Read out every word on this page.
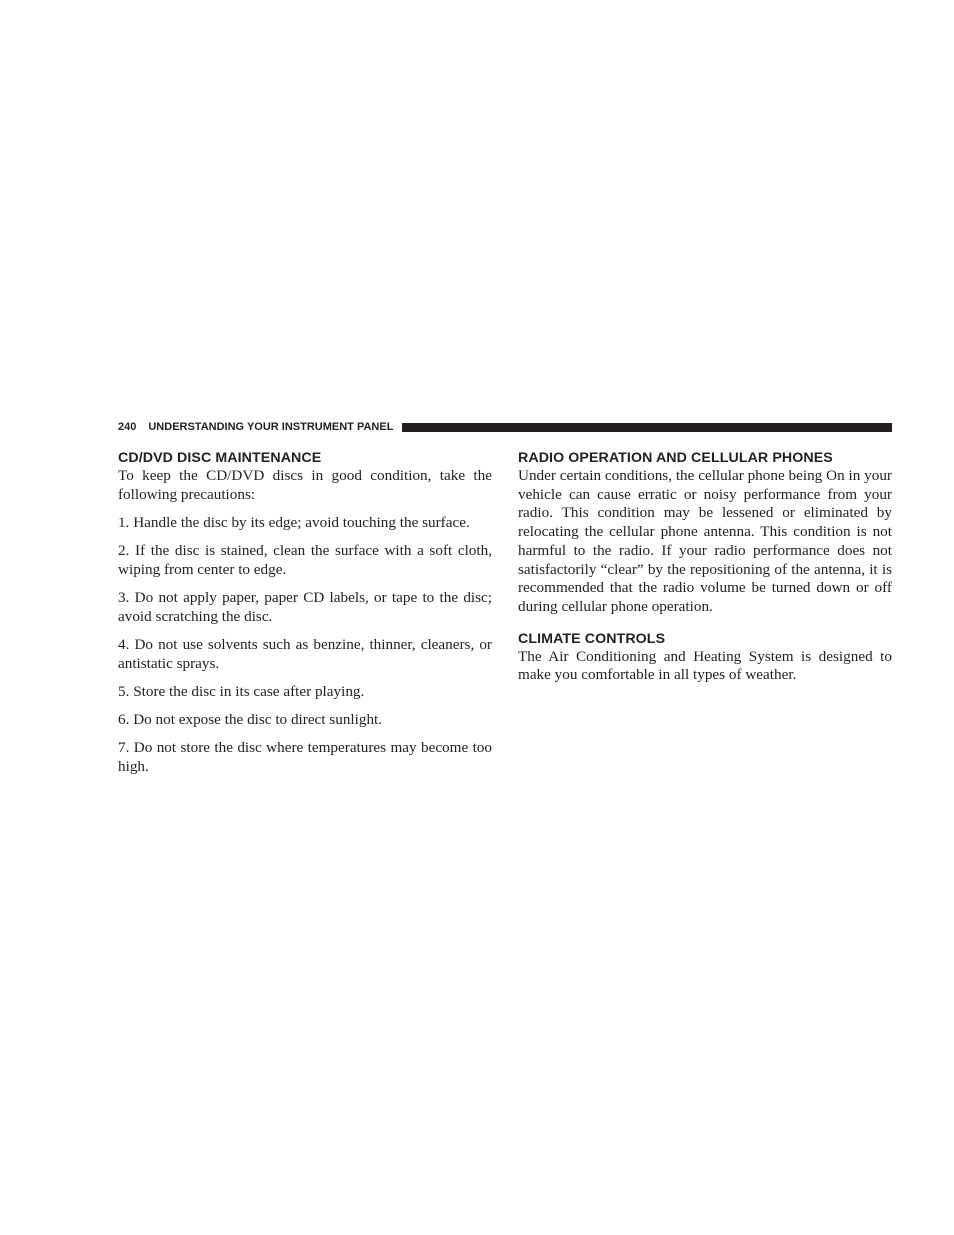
240 UNDERSTANDING YOUR INSTRUMENT PANEL
CD/DVD DISC MAINTENANCE

To keep the CD/DVD discs in good condition, take the following precautions:

1. Handle the disc by its edge; avoid touching the surface.

2. If the disc is stained, clean the surface with a soft cloth, wiping from center to edge.

3. Do not apply paper, paper CD labels, or tape to the disc; avoid scratching the disc.

4. Do not use solvents such as benzine, thinner, cleaners, or antistatic sprays.

5. Store the disc in its case after playing.

6. Do not expose the disc to direct sunlight.

7. Do not store the disc where temperatures may become too high.

RADIO OPERATION AND CELLULAR PHONES

Under certain conditions, the cellular phone being On in your vehicle can cause erratic or noisy performance from your radio. This condition may be lessened or eliminated by relocating the cellular phone antenna. This condition is not harmful to the radio. If your radio performance does not satisfactorily “clear” by the repositioning of the antenna, it is recommended that the radio volume be turned down or off during cellular phone operation.

CLIMATE CONTROLS

The Air Conditioning and Heating System is designed to make you comfortable in all types of weather.
